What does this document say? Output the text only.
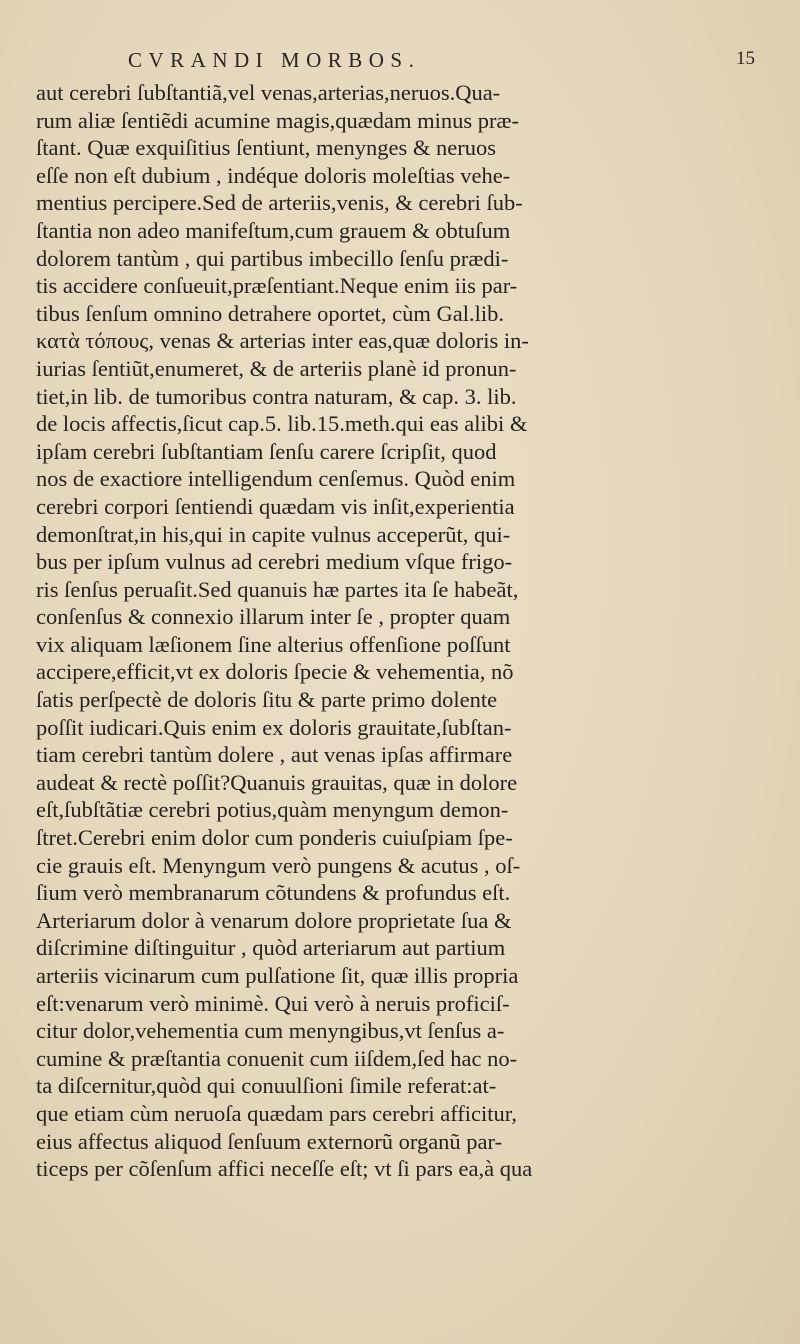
CVRANDI MORBOS.	15
aut cerebri ſubſtantiã,vel venas,arterias,neruos.Qua-
rum aliæ ſentiẽdi acumine magis,quædam minus præ-
ſtant. Quæ exquiſitius ſentiunt, menynges & neruos
eſſe non eſt dubium , indéque doloris moleſtias vehe-
mentius percipere.Sed de arteriis,venis, & cerebri ſub-
ſtantia non adeo manifeſtum,cum grauem & obtuſum
dolorem tantùm , qui partibus imbecillo ſenſu prædi-
tis accidere conſueuit,præſentiant.Neque enim iis par-
tibus ſenſum omnino detrahere oportet, cùm Gal.lib.
κατὰ τόπους, venas & arterias inter eas,quæ doloris in-
iurias ſentiũt,enumeret, & de arteriis planè id pronun-
tiet,in lib. de tumoribus contra naturam, & cap. 3. lib.
de locis affectis,ſicut cap.5. lib.15.meth.qui eas alibi &
ipſam cerebri ſubſtantiam ſenſu carere ſcripſit, quod
nos de exactiore intelligendum cenſemus. Quòd enim
cerebri corpori ſentiendi quædam vis inſit,experientia
demonſtrat,in his,qui in capite vulnus acceperũt, qui-
bus per ipſum vulnus ad cerebri medium vſque frigo-
ris ſenſus peruaſit.Sed quanuis hæ partes ita ſe habeãt,
conſenſus & connexio illarum inter ſe , propter quam
vix aliquam læſionem ſine alterius offenſione poſſunt
accipere,efficit,vt ex doloris ſpecie & vehementia, nõ
ſatis perſpectè de doloris ſitu & parte primo dolente
poſſit iudicari.Quis enim ex doloris grauitate,ſubſtan-
tiam cerebri tantùm dolere , aut venas ipſas affirmare
audeat & rectè poſſit?Quanuis grauitas, quæ in dolore
eſt,ſubſtãtiæ cerebri potius,quàm menyngum demon-
ſtret.Cerebri enim dolor cum ponderis cuiuſpiam ſpe-
cie grauis eſt. Menyngum verò pungens & acutus , oſ-
ſium verò membranarum cõtundens & profundus eſt.
Arteriarum dolor à venarum dolore proprietate ſua &
diſcrimine diſtinguitur , quòd arteriarum aut partium
arteriis vicinarum cum pulſatione ſit, quæ illis propria
eſt:venarum verò minimè. Qui verò à neruis proficiſ-
citur dolor,vehementia cum menyngibus,vt ſenſus a-
cumine & præſtantia conuenit cum iiſdem,ſed hac no-
ta diſcernitur,quòd qui conuulſioni ſimile referat:at-
que etiam cùm neruoſa quædam pars cerebri afficitur,
eius affectus aliquod ſenſuum externorũ organũ par-
ticeps per cõſenſum affici neceſſe eſt; vt ſi pars ea,à qua
